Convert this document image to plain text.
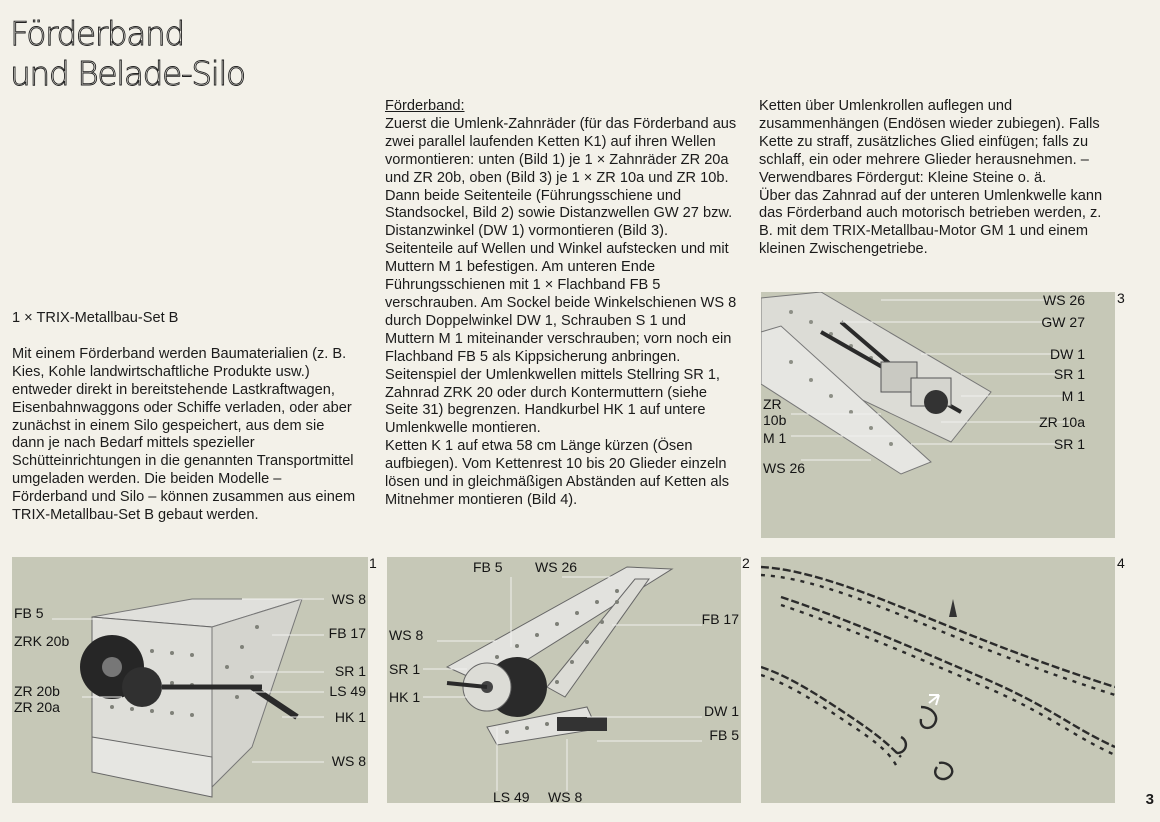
Förderband
und Belade-Silo

1 × TRIX-Metallbau-Set B

Mit einem Förderband werden Baumaterialien (z. B. Kies, Kohle landwirtschaftliche Produkte usw.) entweder direkt in bereitstehende Lastkraftwagen, Eisenbahnwaggons oder Schiffe verladen, oder aber zunächst in einem Silo gespeichert, aus dem sie dann je nach Bedarf mittels spezieller Schütteinrichtungen in die genannten Transportmittel umgeladen werden. Die beiden Modelle – Förderband und Silo – können zusammen aus einem TRIX-Metallbau-Set B gebaut werden.

Förderband:

Zuerst die Umlenk-Zahnräder (für das Förderband aus zwei parallel laufenden Ketten K1) auf ihren Wellen vormontieren: unten (Bild 1) je 1 × Zahnräder ZR 20a und ZR 20b, oben (Bild 3) je 1 × ZR 10a und ZR 10b. Dann beide Seitenteile (Führungsschiene und Standsockel, Bild 2) sowie Distanzwellen GW 27 bzw. Distanzwinkel (DW 1) vormontieren (Bild 3). Seitenteile auf Wellen und Winkel aufstecken und mit Muttern M 1 befestigen. Am unteren Ende Führungsschienen mit 1 × Flachband FB 5 verschrauben. Am Sockel beide Winkelschienen WS 8 durch Doppelwinkel DW 1, Schrauben S 1 und Muttern M 1 miteinander verschrauben; vorn noch ein Flachband FB 5 als Kippsicherung anbringen. Seitenspiel der Umlenkwellen mittels Stellring SR 1, Zahnrad ZRK 20 oder durch Kontermuttern (siehe Seite 31) begrenzen. Handkurbel HK 1 auf untere Umlenkwelle montieren.

Ketten K 1 auf etwa 58 cm Länge kürzen (Ösen aufbiegen). Vom Kettenrest 10 bis 20 Glieder einzeln lösen und in gleichmäßigen Abständen auf Ketten als Mitnehmer montieren (Bild 4).

Ketten über Umlenkrollen auflegen und zusammenhängen (Endösen wieder zubiegen). Falls Kette zu straff, zusätzliches Glied einfügen; falls zu schlaff, ein oder mehrere Glieder herausnehmen. – Verwendbares Fördergut: Kleine Steine o. ä.

Über das Zahnrad auf der unteren Umlenkwelle kann das Förderband auch motorisch betrieben werden, z. B. mit dem TRIX-Metallbau-Motor GM 1 und einem kleinen Zwischengetriebe.

WS 26
GW 27
DW 1
SR 1
M 1
ZR 10a
SR 1
ZR
10b
M 1
WS 26
3
FB 5
ZRK 20b
ZR 20b
ZR 20a
WS 8
FB 17
SR 1
LS 49
HK 1
WS 8
1	FB 5 WS 26
WS 8
SR 1
HK 1
FB 17
DW 1
FB 5
LS 49 WS 8
2	4
3
